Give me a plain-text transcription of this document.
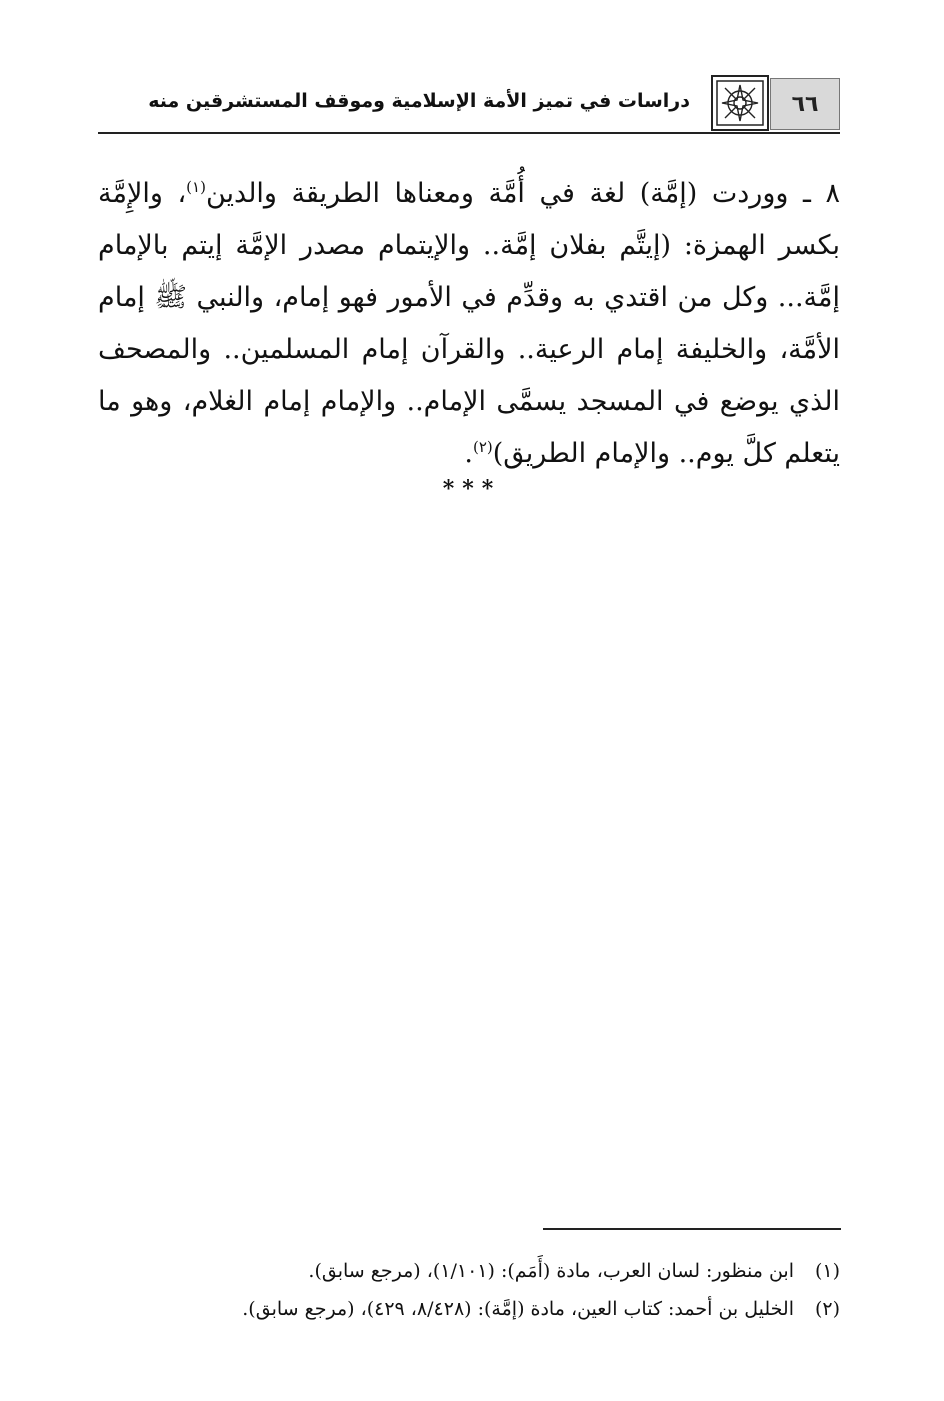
٦٦
دراسات في تميز الأمة الإسلامية وموقف المستشرقين منه

٨ ـ ووردت (إمَّة) لغة في أُمَّة ومعناها الطريقة والدين$^{(١)}$، والإِمَّة بكسر الهمزة: (إيتَّم بفلان إمَّة.. والإيتمام مصدر الإمَّة إيتم بالإمام إمَّة... وكل من اقتدي به وقدِّم في الأمور فهو إمام، والنبي ﷺ إمام الأمَّة، والخليفة إمام الرعية.. والقرآن إمام المسلمين.. والمصحف الذي يوضع في المسجد يسمَّى الإمام.. والإمام إمام الغلام، وهو ما يتعلم كلَّ يوم.. والإمام الطريق)$^{(٢)}$.

***
(١)
ابن منظور: لسان العرب، مادة (أَمَم): (١/١٠١)، (مرجع سابق).
(٢)
الخليل بن أحمد: كتاب العين، مادة (إمَّة): (٨/٤٢٨، ٤٢٩)، (مرجع سابق).
